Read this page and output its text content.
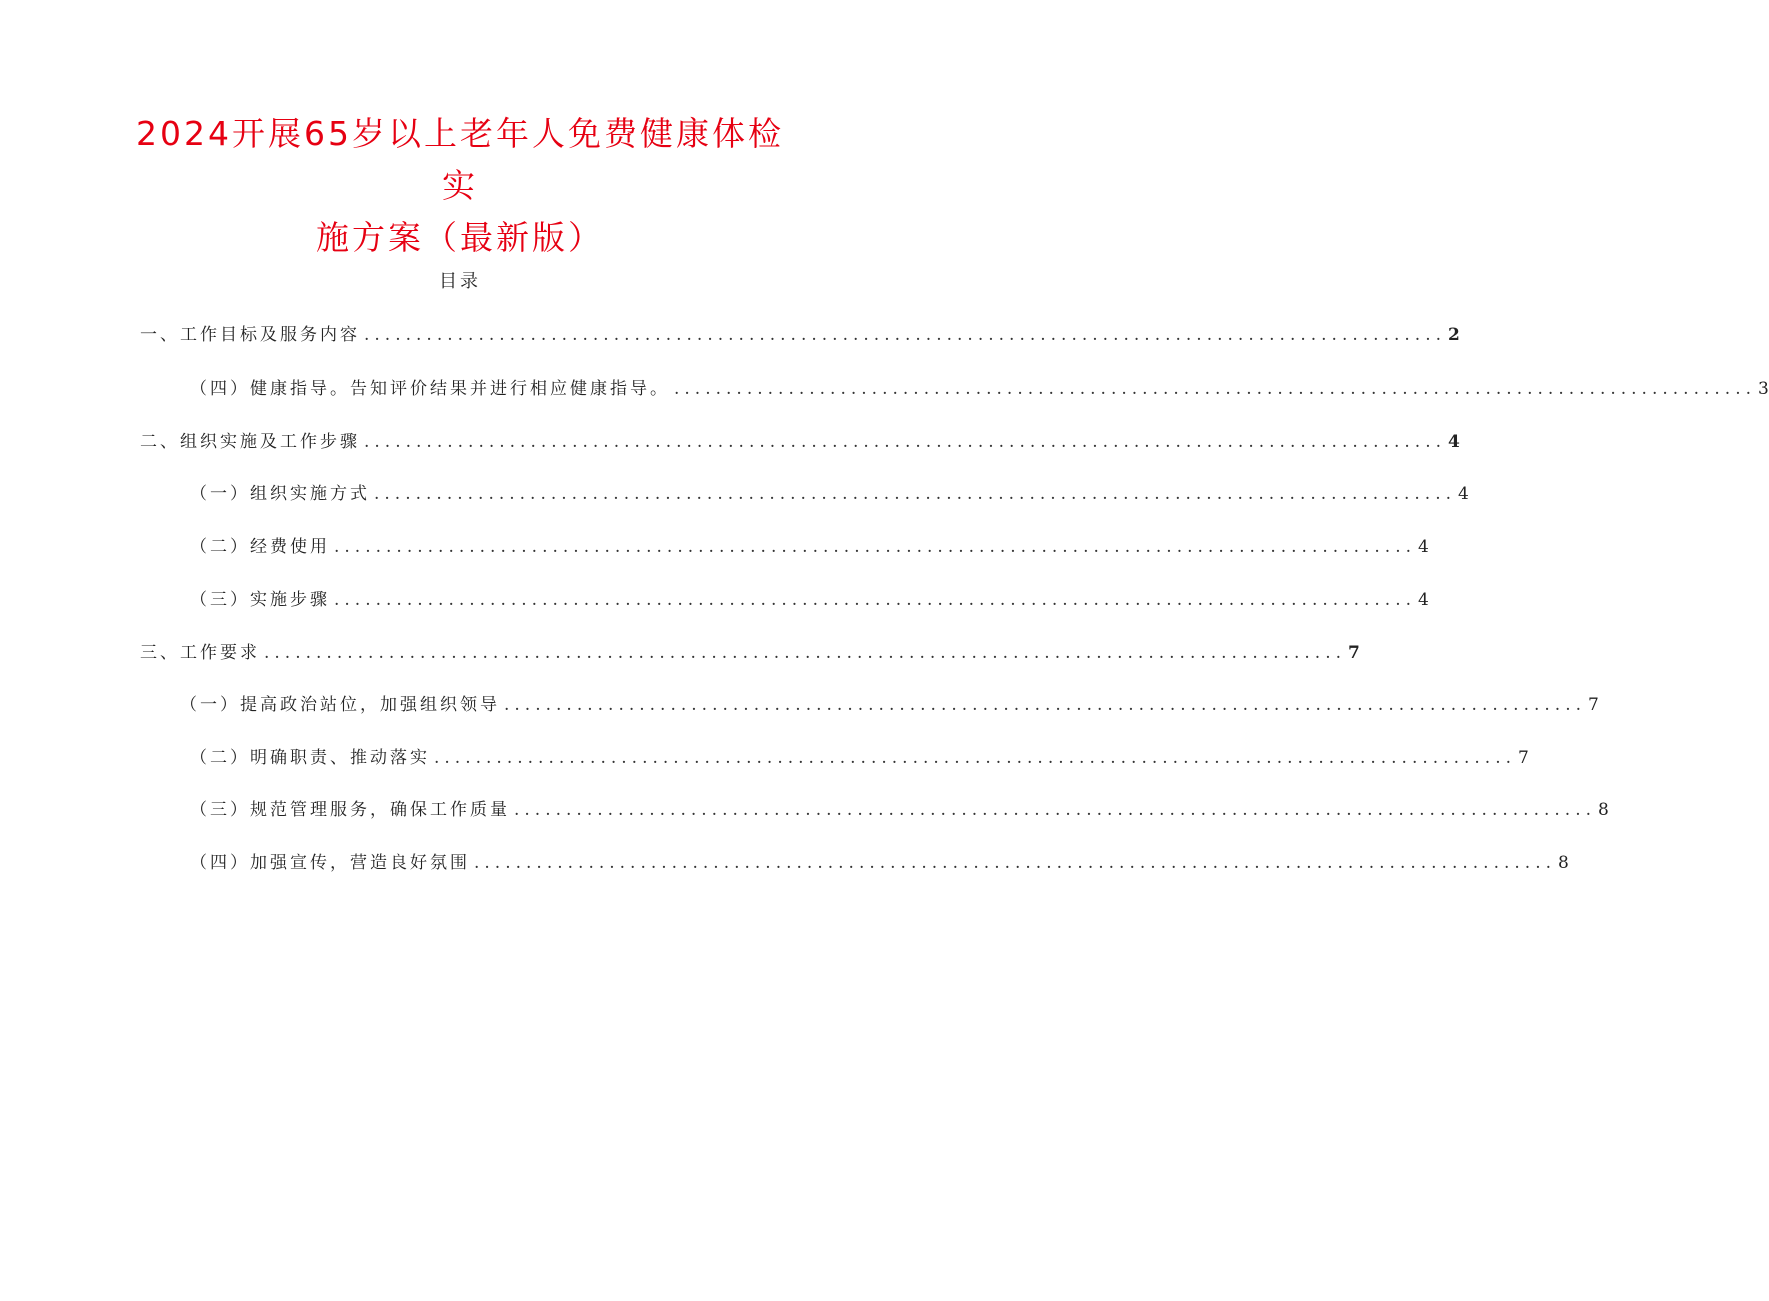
2024开展65岁以上老年人免费健康体检实
施方案（最新版）
目录
一、工作目标及服务内容 ........................................................................................................ 2
（四）健康指导。告知评价结果并进行相应健康指导。 ........................................................................................................ 3
二、组织实施及工作步骤 ........................................................................................................ 4
（一）组织实施方式 ........................................................................................................ 4
（二）经费使用 ........................................................................................................ 4
（三）实施步骤 ........................................................................................................ 4
三、工作要求 ........................................................................................................ 7
（一）提高政治站位，加强组织领导 ........................................................................................................ 7
（二）明确职责、推动落实 ........................................................................................................ 7
（三）规范管理服务，确保工作质量 ........................................................................................................ 8
（四）加强宣传，营造良好氛围 ........................................................................................................ 8
